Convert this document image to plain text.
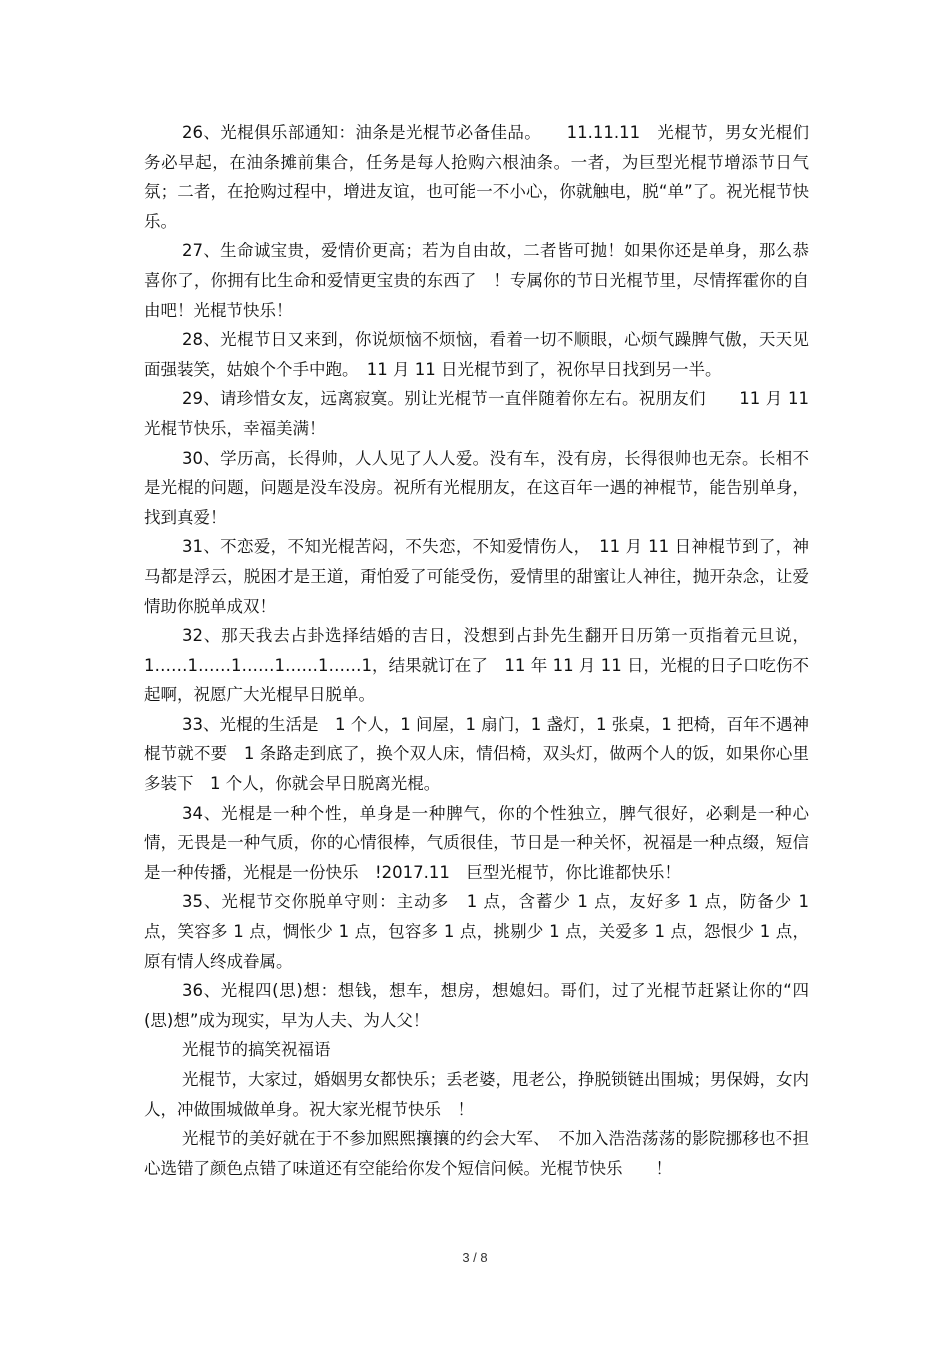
26、光棍俱乐部通知：油条是光棍节必备佳品。　　11.11.11　光棍节，男女光棍们务必早起，在油条摊前集合，任务是每人抢购六根油条。一者，为巨型光棍节增添节日气氛；二者，在抢购过程中，增进友谊，也可能一不小心，你就触电，脱“单”了。祝光棍节快乐。

27、生命诚宝贵，爱情价更高；若为自由故，二者皆可抛！如果你还是单身，那么恭喜你了，你拥有比生命和爱情更宝贵的东西了　！专属你的节日光棍节里，尽情挥霍你的自由吧！光棍节快乐！

28、光棍节日又来到，你说烦恼不烦恼，看着一切不顺眼，心烦气躁脾气傲，天天见面强装笑，姑娘个个手中跑。　11 月 11 日光棍节到了，祝你早日找到另一半。

29、请珍惜女友，远离寂寞。别让光棍节一直伴随着你左右。祝朋友们　　11 月 11 光棍节快乐，幸福美满！

30、学历高，长得帅，人人见了人人爱。没有车，没有房，长得很帅也无奈。长相不是光棍的问题，问题是没车没房。祝所有光棍朋友，在这百年一遇的神棍节，能告别单身，找到真爱！

31、不恋爱，不知光棍苦闷，不失恋，不知爱情伤人，　11 月 11 日神棍节到了，神马都是浮云，脱困才是王道，甭怕爱了可能受伤，爱情里的甜蜜让人神往，抛开杂念，让爱情助你脱单成双！

32、那天我去占卦选择结婚的吉日，没想到占卦先生翻开日历第一页指着元旦说，1……1……1……1……1……1，结果就订在了　11 年 11 月 11 日，光棍的日子口吃伤不起啊，祝愿广大光棍早日脱单。

33、光棍的生活是　1 个人，1 间屋，1 扇门，1 盏灯，1 张桌，1 把椅，百年不遇神棍节就不要　1 条路走到底了，换个双人床，情侣椅，双头灯，做两个人的饭，如果你心里多装下　1 个人，你就会早日脱离光棍。

34、光棍是一种个性，单身是一种脾气，你的个性独立，脾气很好，必剩是一种心情，无畏是一种气质，你的心情很棒，气质很佳，节日是一种关怀，祝福是一种点缀，短信是一种传播，光棍是一份快乐　!2017.11　巨型光棍节，你比谁都快乐！

35、光棍节交你脱单守则：主动多　1 点，含蓄少 1 点，友好多 1 点，防备少 1 点，笑容多 1 点，惆怅少 1 点，包容多 1 点，挑剔少 1 点，关爱多 1 点，怨恨少 1 点，原有情人终成眷属。

36、光棍四(思)想：想钱，想车，想房，想媳妇。哥们，过了光棍节赶紧让你的“四(思)想”成为现实，早为人夫、为人父！

光棍节的搞笑祝福语

光棍节，大家过，婚姻男女都快乐；丢老婆，甩老公，挣脱锁链出围城；男保姆，女内人，冲做围城做单身。祝大家光棍节快乐　！

光棍节的美好就在于不参加熙熙攘攘的约会大军、　不加入浩浩荡荡的影院挪移也不担心选错了颜色点错了味道还有空能给你发个短信问候。光棍节快乐　　！

3 / 8
